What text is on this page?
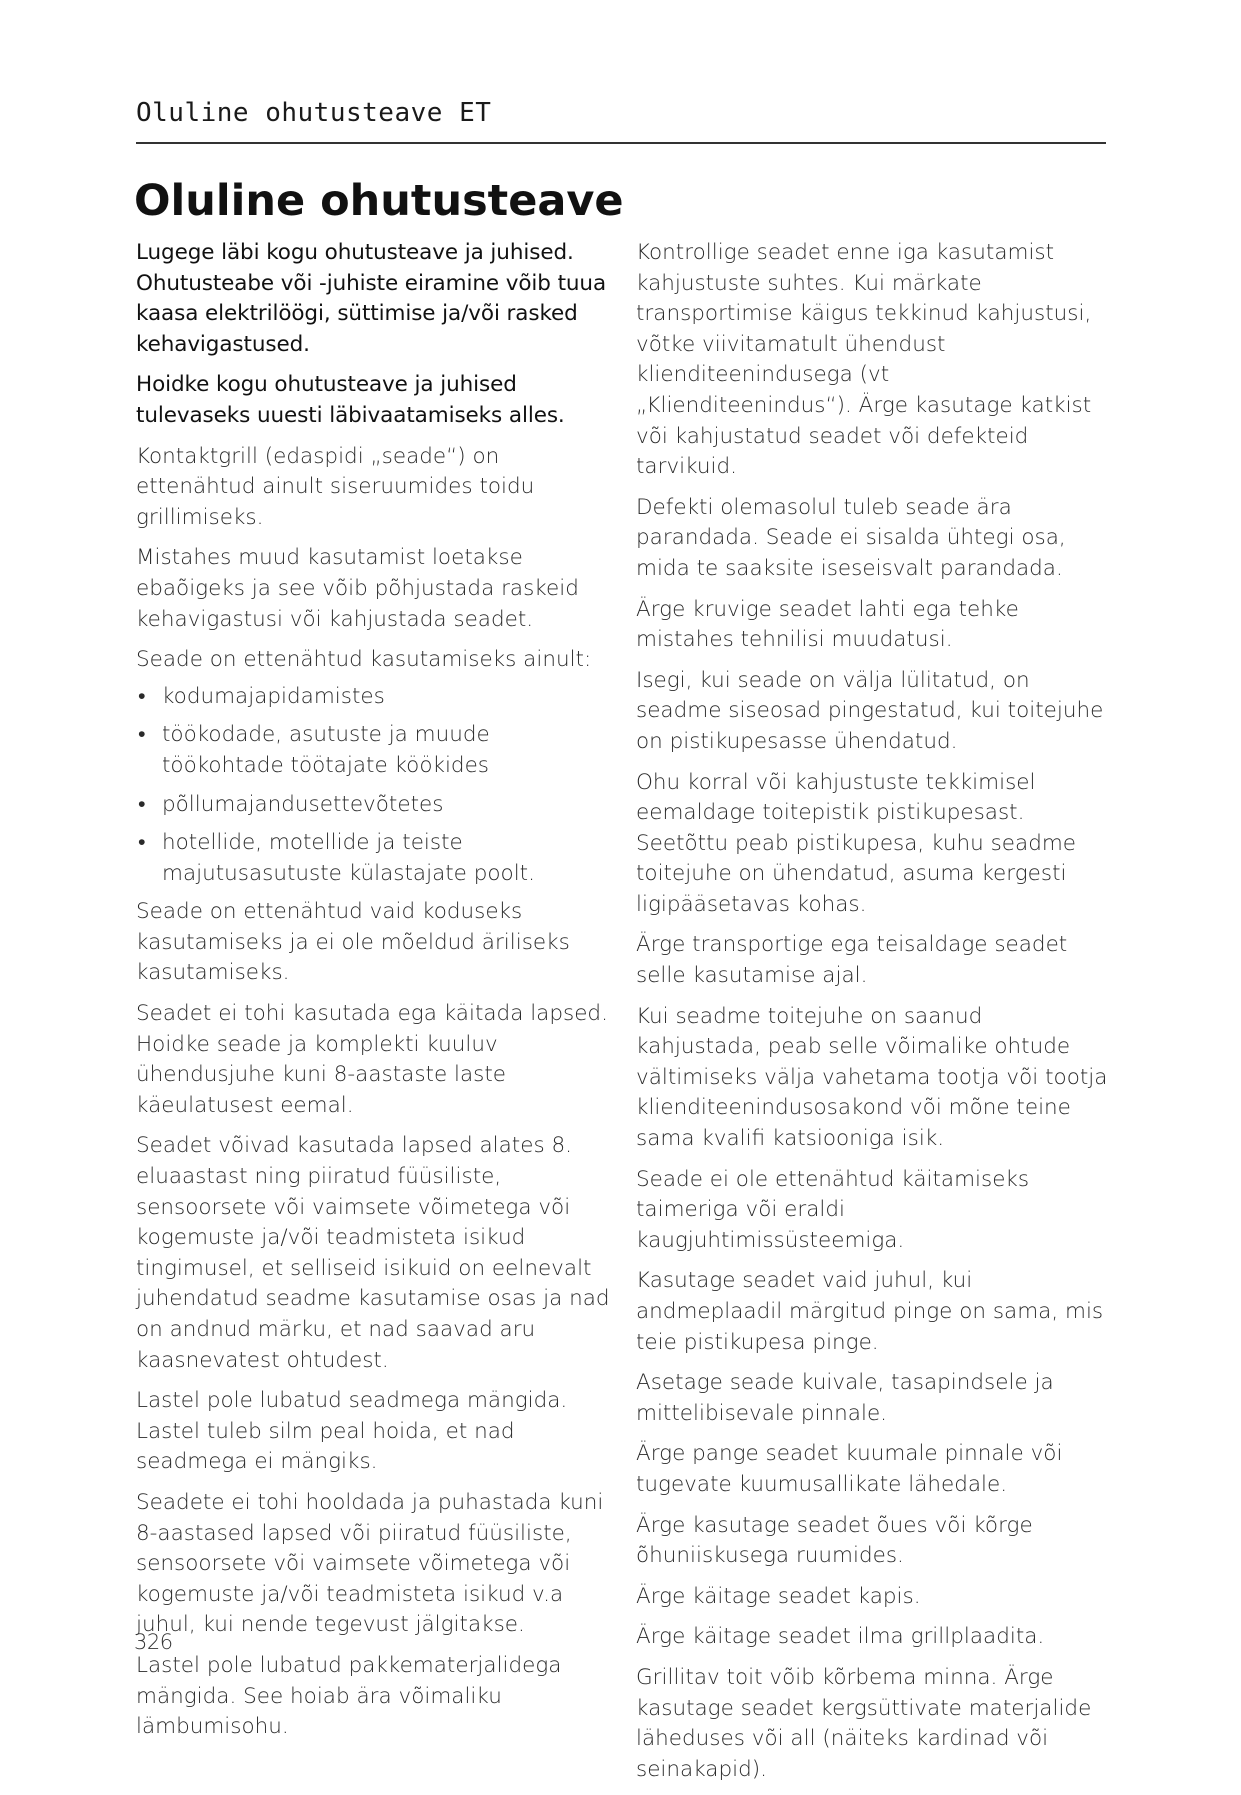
Oluline ohutusteave ET
Oluline ohutusteave

Lugege läbi kogu ohutusteave ja juhised. Ohutusteabe või -juhiste eiramine võib tuua kaasa elektrilöögi, süttimise ja/või rasked kehavigastused.

Hoidke kogu ohutusteave ja juhised tulevaseks uuesti läbivaatamiseks alles.

Kontaktgrill (edaspidi „seade“) on ettenähtud ainult siseruumides toidu grillimiseks.

Mistahes muud kasutamist loetakse ebaõigeks ja see võib põhjustada raskeid kehavigastusi või kahjustada seadet.

Seade on ettenähtud kasutamiseks ainult:

• kodumajapidamistes
• töökodade, asutuste ja muude töökohtade töötajate köökides
• põllumajandusettevõtetes
• hotellide, motellide ja teiste majutusasutuste külastajate poolt.

Seade on ettenähtud vaid koduseks kasutamiseks ja ei ole mõeldud äriliseks kasutamiseks.

Seadet ei tohi kasutada ega käitada lapsed. Hoidke seade ja komplekti kuuluv ühendusjuhe kuni 8-aastaste laste käeulatusest eemal.

Seadet võivad kasutada lapsed alates 8. eluaastast ning piiratud füüsiliste, sensoorsete või vaimsete võimetega või kogemuste ja/või teadmisteta isikud tingimusel, et selliseid isikuid on eelnevalt juhendatud seadme kasutamise osas ja nad on andnud märku, et nad saavad aru kaasnevatest ohtudest.

Lastel pole lubatud seadmega mängida. Lastel tuleb silm peal hoida, et nad seadmega ei mängiks.

Seadete ei tohi hooldada ja puhastada kuni 8-aastased lapsed või piiratud füüsiliste, sensoorsete või vaimsete võimetega või kogemuste ja/või teadmisteta isikud v.a juhul, kui nende tegevust jälgitakse.

Lastel pole lubatud pakkematerjalidega mängida. See hoiab ära võimaliku lämbumisohu.

Kontrollige seadet enne iga kasutamist kahjustuste suhtes. Kui märkate transportimise käigus tekkinud kahjustusi, võtke viivitamatult ühendust klienditeenindusega (vt „Klienditeenindus“). Ärge kasutage katkist või kahjustatud seadet või defekteid tarvikuid.

Defekti olemasolul tuleb seade ära parandada. Seade ei sisalda ühtegi osa, mida te saaksite iseseisvalt parandada.

Ärge kruvige seadet lahti ega tehke mistahes tehnilisi muudatusi.

Isegi, kui seade on välja lülitatud, on seadme siseosad pingestatud, kui toitejuhe on pistikupesasse ühendatud.

Ohu korral või kahjustuste tekkimisel eemaldage toitepistik pistikupesast. Seetõttu peab pistikupesa, kuhu seadme toitejuhe on ühendatud, asuma kergesti ligipääsetavas kohas.

Ärge transportige ega teisaldage seadet selle kasutamise ajal.

Kui seadme toitejuhe on saanud kahjustada, peab selle võimalike ohtude vältimiseks välja vahetama tootja või tootja klienditeenindusosakond või mõne teine sama kvalifi katsiooniga isik.

Seade ei ole ettenähtud käitamiseks taimeriga või eraldi kaugjuhtimissüsteemiga.

Kasutage seadet vaid juhul, kui andmeplaadil märgitud pinge on sama, mis teie pistikupesa pinge.

Asetage seade kuivale, tasapindsele ja mittelibisevale pinnale.

Ärge pange seadet kuumale pinnale või tugevate kuumusallikate lähedale.

Ärge kasutage seadet õues või kõrge õhuniiskusega ruumides.

Ärge käitage seadet kapis.

Ärge käitage seadet ilma grillplaadita.

Grillitav toit võib kõrbema minna. Ärge kasutage seadet kergsüttivate materjalide läheduses või all (näiteks kardinad või seinakapid).

326
